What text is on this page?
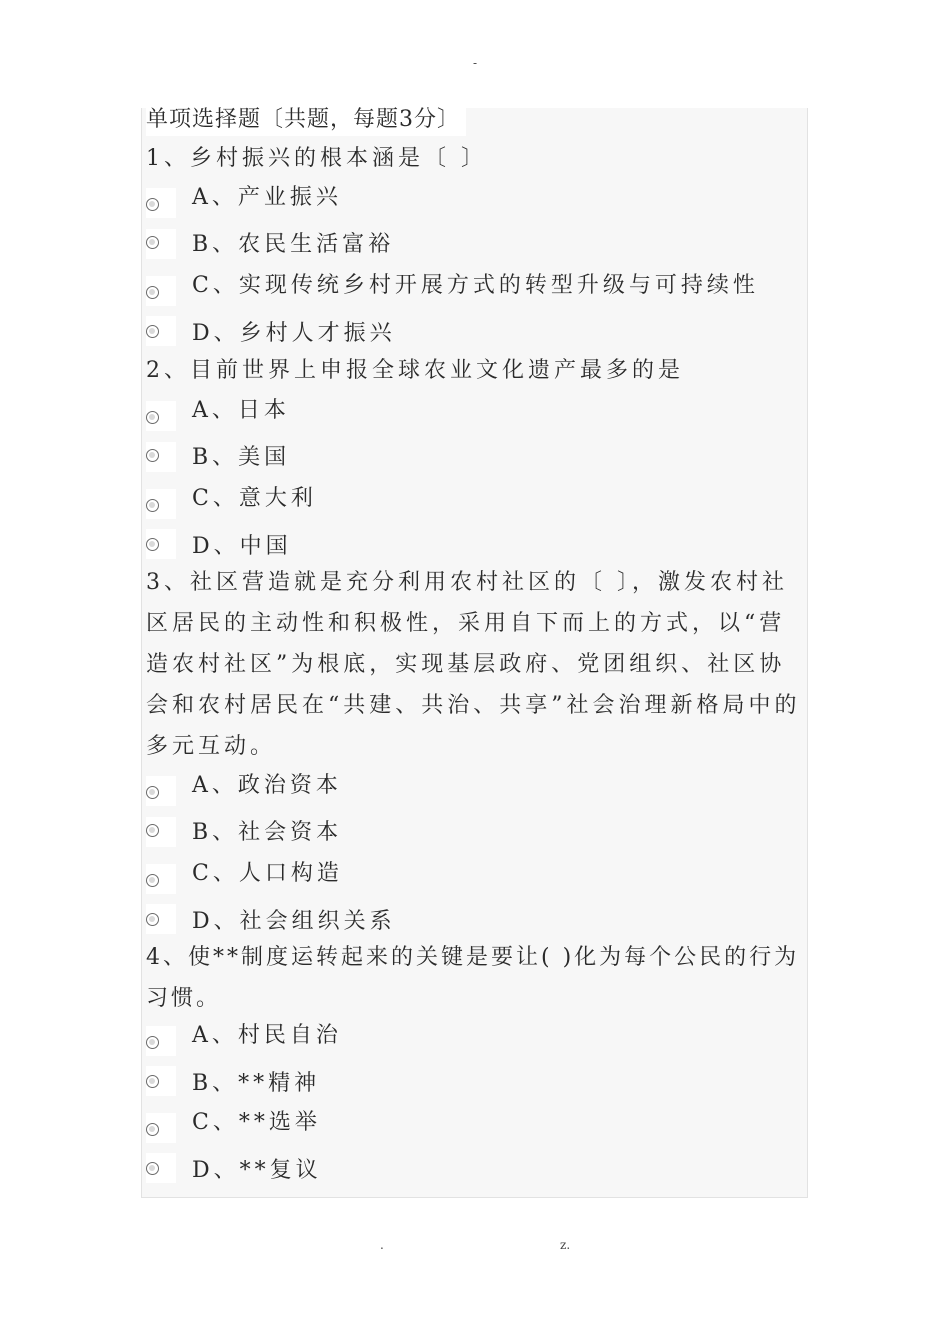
-
单项选择题〔共题，每题3分〕
1、乡村振兴的根本涵是〔 〕
A、产业振兴
B、农民生活富裕
C、实现传统乡村开展方式的转型升级与可持续性
D、乡村人才振兴
2、目前世界上申报全球农业文化遗产最多的是
A、日本
B、美国
C、意大利
D、中国
3、社区营造就是充分利用农村社区的〔 〕，激发农村社区居民的主动性和积极性，采用自下而上的方式，以“营造农村社区”为根底，实现基层政府、党团组织、社区协会和农村居民在“共建、共治、共享”社会治理新格局中的多元互动。
A、政治资本
B、社会资本
C、人口构造
D、社会组织关系
4、使**制度运转起来的关键是要让( )化为每个公民的行为习惯。
A、村民自治
B、**精神
C、**选举
D、**复议
.	z.
